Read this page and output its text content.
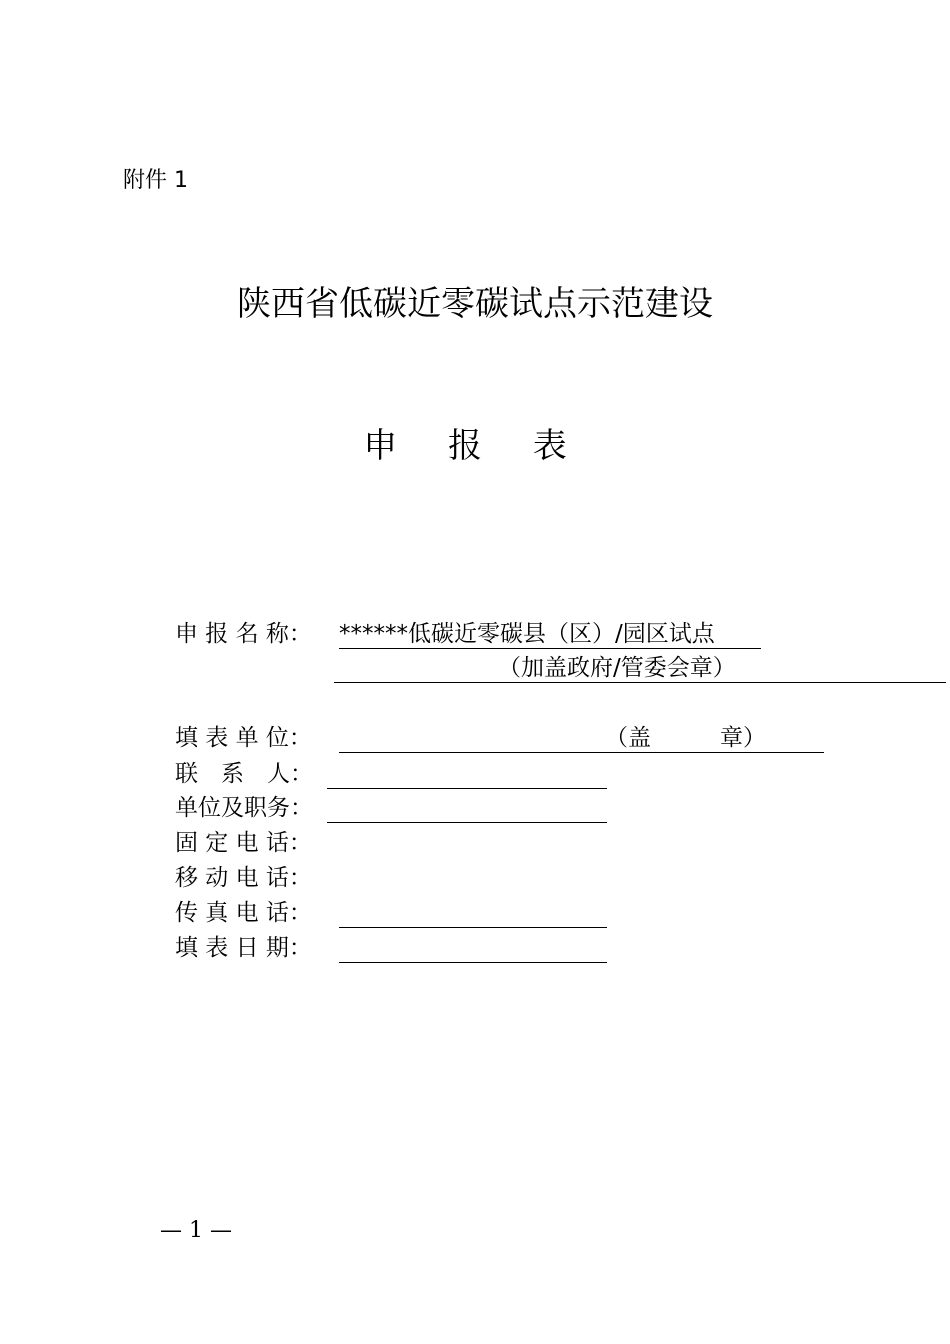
附件 1
陕西省低碳近零碳试点示范建设
申 报 表
申 报 名 称： ******低碳近零碳县（区）/园区试点
（加盖政府/管委会章）
填 表 单 位：	（盖　　　章）
联　系　人：
单位及职务：
固 定 电 话：
移 动 电 话：
传 真 电 话：
填 表 日 期：
— 1 —
